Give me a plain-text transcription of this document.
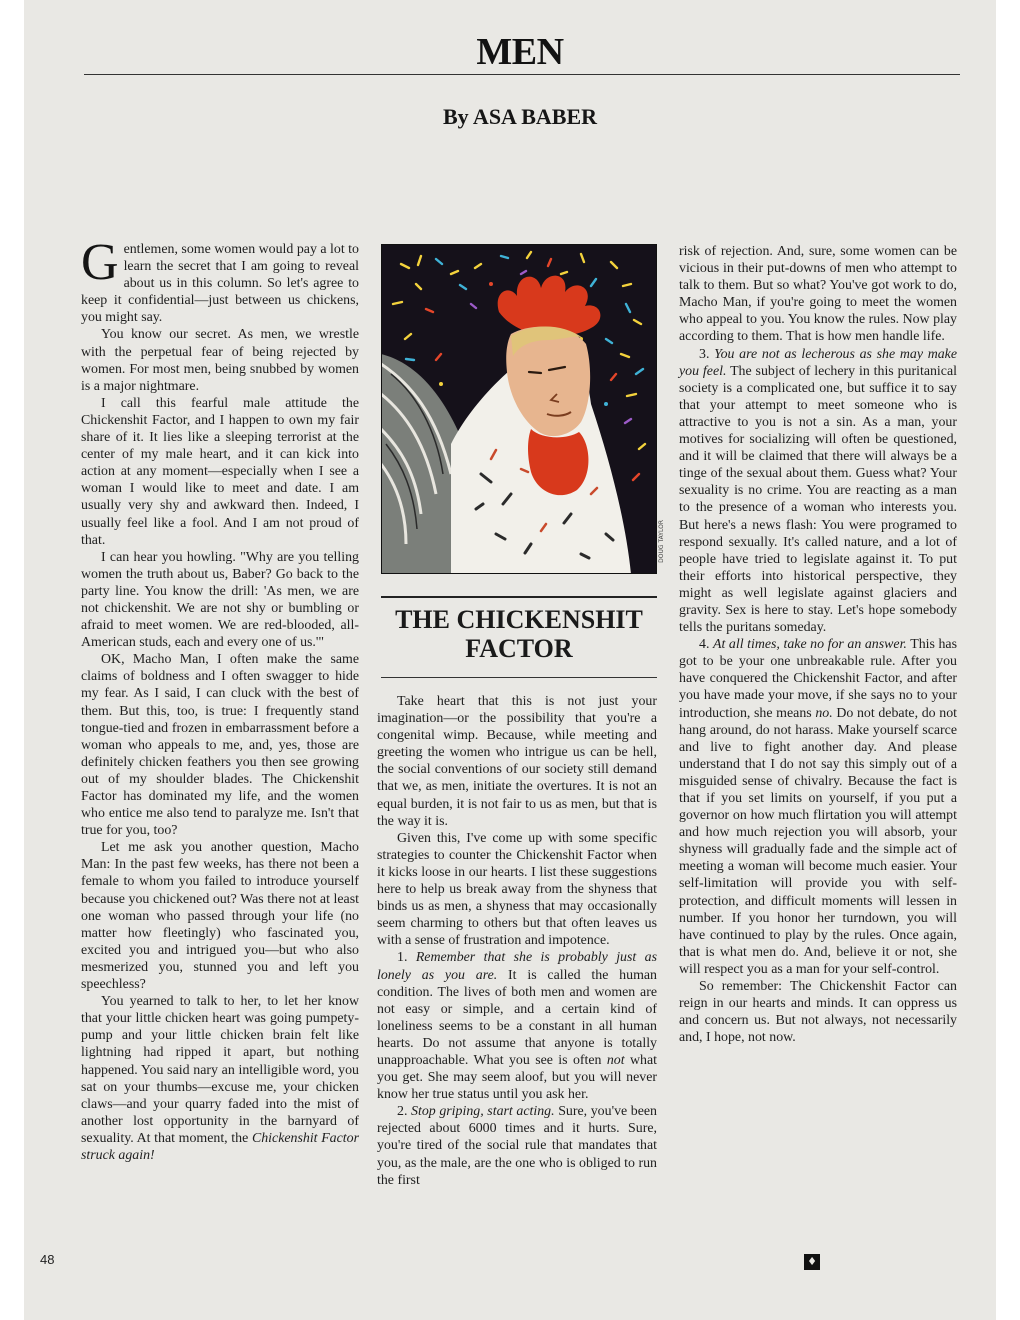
MEN
By ASA BABER

Gentlemen, some women would pay a lot to learn the secret that I am going to reveal about us in this column. So let's agree to keep it confidential—just between us chickens, you might say.

You know our secret. As men, we wrestle with the perpetual fear of being rejected by women. For most men, being snubbed by women is a major nightmare.

I call this fearful male attitude the Chickenshit Factor, and I happen to own my fair share of it. It lies like a sleeping terrorist at the center of my male heart, and it can kick into action at any moment—especially when I see a woman I would like to meet and date. I am usually very shy and awkward then. Indeed, I usually feel like a fool. And I am not proud of that.

I can hear you howling. "Why are you telling women the truth about us, Baber? Go back to the party line. You know the drill: 'As men, we are not chickenshit. We are not shy or bumbling or afraid to meet women. We are red-blooded, all-American studs, each and every one of us.'"

OK, Macho Man, I often make the same claims of boldness and I often swagger to hide my fear. As I said, I can cluck with the best of them. But this, too, is true: I frequently stand tongue-tied and frozen in embarrassment before a woman who appeals to me, and, yes, those are definitely chicken feathers you then see growing out of my shoulder blades. The Chickenshit Factor has dominated my life, and the women who entice me also tend to paralyze me. Isn't that true for you, too?

Let me ask you another question, Macho Man: In the past few weeks, has there not been a female to whom you failed to introduce yourself because you chickened out? Was there not at least one woman who passed through your life (no matter how fleetingly) who fascinated you, excited you and intrigued you—but who also mesmerized you, stunned you and left you speechless?

You yearned to talk to her, to let her know that your little chicken heart was going pumpety-pump and your little chicken brain felt like lightning had ripped it apart, but nothing happened. You said nary an intelligible word, you sat on your thumbs—excuse me, your chicken claws—and your quarry faded into the mist of another lost opportunity in the barnyard of sexuality. At that moment, the Chickenshit Factor struck again!

DOUG TAYLOR
THE CHICKENSHIT FACTOR

Take heart that this is not just your imagination—or the possibility that you're a congenital wimp. Because, while meeting and greeting the women who intrigue us can be hell, the social conventions of our society still demand that we, as men, initiate the overtures. It is not an equal burden, it is not fair to us as men, but that is the way it is.

Given this, I've come up with some specific strategies to counter the Chickenshit Factor when it kicks loose in our hearts. I list these suggestions here to help us break away from the shyness that binds us as men, a shyness that may occasionally seem charming to others but that often leaves us with a sense of frustration and impotence.

1. Remember that she is probably just as lonely as you are. It is called the human condition. The lives of both men and women are not easy or simple, and a certain kind of loneliness seems to be a constant in all human hearts. Do not assume that anyone is totally unapproachable. What you see is often not what you get. She may seem aloof, but you will never know her true status until you ask her.

2. Stop griping, start acting. Sure, you've been rejected about 6000 times and it hurts. Sure, you're tired of the social rule that mandates that you, as the male, are the one who is obliged to run the first

risk of rejection. And, sure, some women can be vicious in their put-downs of men who attempt to talk to them. But so what? You've got work to do, Macho Man, if you're going to meet the women who appeal to you. You know the rules. Now play according to them. That is how men handle life.

3. You are not as lecherous as she may make you feel. The subject of lechery in this puritanical society is a complicated one, but suffice it to say that your attempt to meet someone who is attractive to you is not a sin. As a man, your motives for socializing will often be questioned, and it will be claimed that there will always be a tinge of the sexual about them. Guess what? Your sexuality is no crime. You are reacting as a man to the presence of a woman who interests you. But here's a news flash: You were programed to respond sexually. It's called nature, and a lot of people have tried to legislate against it. To put their efforts into historical perspective, they might as well legislate against glaciers and gravity. Sex is here to stay. Let's hope somebody tells the puritans someday.

4. At all times, take no for an answer. This has got to be your one unbreakable rule. After you have conquered the Chickenshit Factor, and after you have made your move, if she says no to your introduction, she means no. Do not debate, do not hang around, do not harass. Make yourself scarce and live to fight another day. And please understand that I do not say this simply out of a misguided sense of chivalry. Because the fact is that if you set limits on yourself, if you put a governor on how much flirtation you will attempt and how much rejection you will absorb, your shyness will gradually fade and the simple act of meeting a woman will become much easier. Your self-limitation will provide you with self-protection, and difficult moments will lessen in number. If you honor her turndown, you will have continued to play by the rules. Once again, that is what men do. And, believe it or not, she will respect you as a man for your self-control.

So remember: The Chickenshit Factor can reign in our hearts and minds. It can oppress us and concern us. But not always, not necessarily and, I hope, not now.

48	♦
